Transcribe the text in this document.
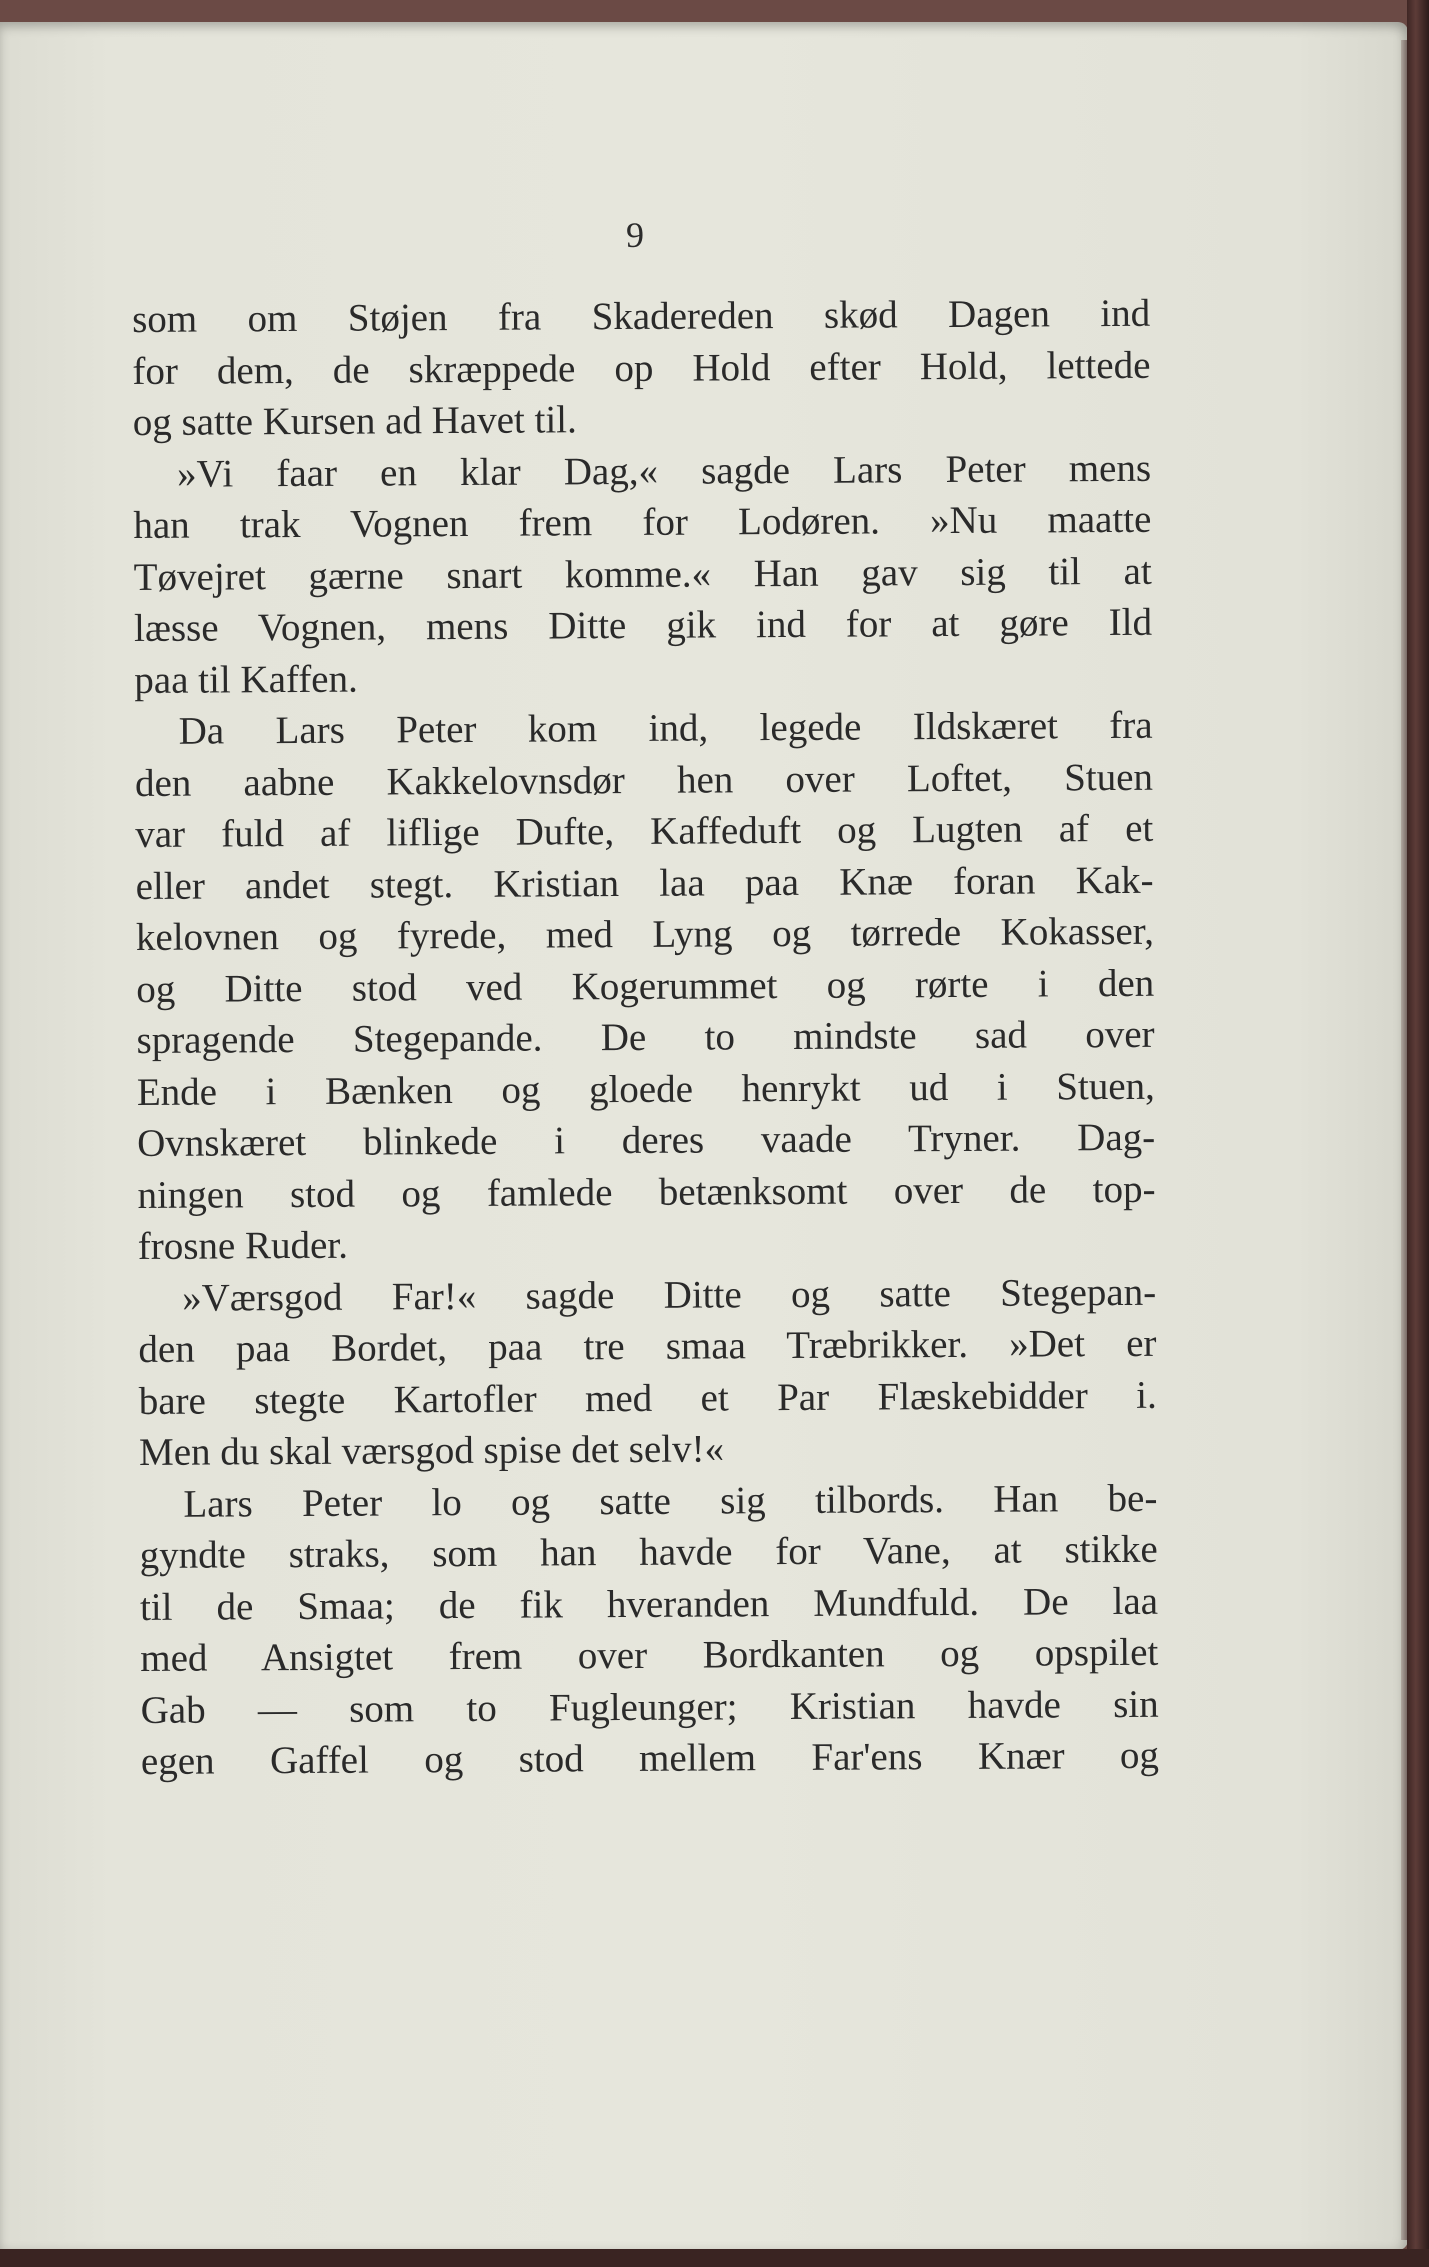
9
som om Støjen fra Skadereden skød Dagen ind
for dem, de skræppede op Hold efter Hold, lettede
og satte Kursen ad Havet til.
»Vi faar en klar Dag,« sagde Lars Peter mens
han trak Vognen frem for Lodøren. »Nu maatte
Tøvejret gærne snart komme.« Han gav sig til at
læsse Vognen, mens Ditte gik ind for at gøre Ild
paa til Kaffen.
Da Lars Peter kom ind, legede Ildskæret fra
den aabne Kakkelovnsdør hen over Loftet, Stuen
var fuld af liflige Dufte, Kaffeduft og Lugten af et
eller andet stegt. Kristian laa paa Knæ foran Kak-
kelovnen og fyrede, med Lyng og tørrede Kokasser,
og Ditte stod ved Kogerummet og rørte i den
spragende Stegepande. De to mindste sad over
Ende i Bænken og gloede henrykt ud i Stuen,
Ovnskæret blinkede i deres vaade Tryner. Dag-
ningen stod og famlede betænksomt over de top-
frosne Ruder.
»Værsgod Far!« sagde Ditte og satte Stegepan-
den paa Bordet, paa tre smaa Træbrikker. »Det er
bare stegte Kartofler med et Par Flæskebidder i.
Men du skal værsgod spise det selv!«
Lars Peter lo og satte sig tilbords. Han be-
gyndte straks, som han havde for Vane, at stikke
til de Smaa; de fik hveranden Mundfuld. De laa
med Ansigtet frem over Bordkanten og opspilet
Gab — som to Fugleunger; Kristian havde sin
egen Gaffel og stod mellem Far'ens Knær og
